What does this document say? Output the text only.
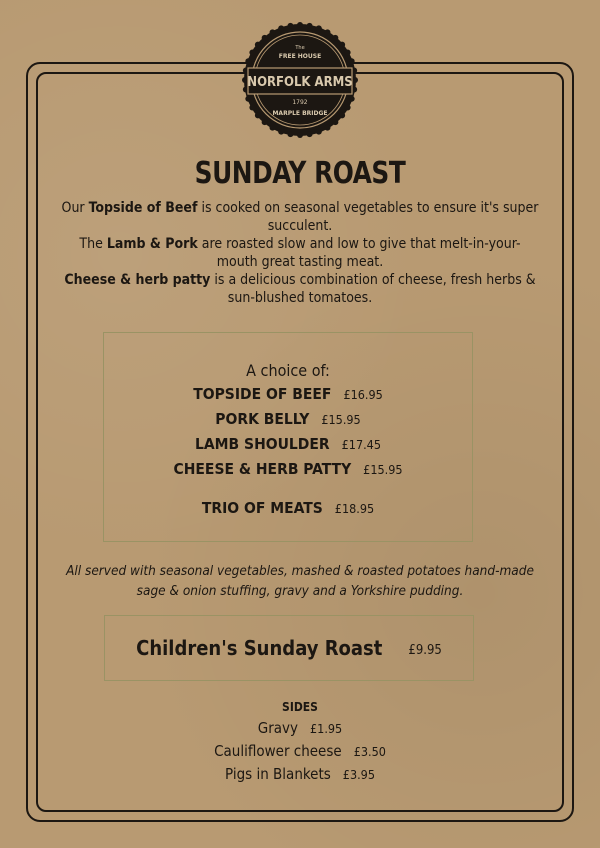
NORFOLK ARMS
The
FREE HOUSE
1792
MARPLE BRIDGE
SUNDAY ROAST

Our Topside of Beef is cooked on seasonal vegetables to ensure it's super succulent.

The Lamb & Pork are roasted slow and low to give that melt-in-your-mouth great tasting meat.

Cheese & herb patty is a delicious combination of cheese, fresh herbs & sun-blushed tomatoes.

A choice of:
TOPSIDE OF BEEF £16.95
PORK BELLY £15.95
LAMB SHOULDER £17.45
CHEESE & HERB PATTY £15.95
TRIO OF MEATS £18.95
All served with seasonal vegetables, mashed & roasted potatoes hand-made sage & onion stuffing, gravy and a Yorkshire pudding.
Children's Sunday Roast £9.95
SIDES
Gravy £1.95
Cauliflower cheese £3.50
Pigs in Blankets £3.95
